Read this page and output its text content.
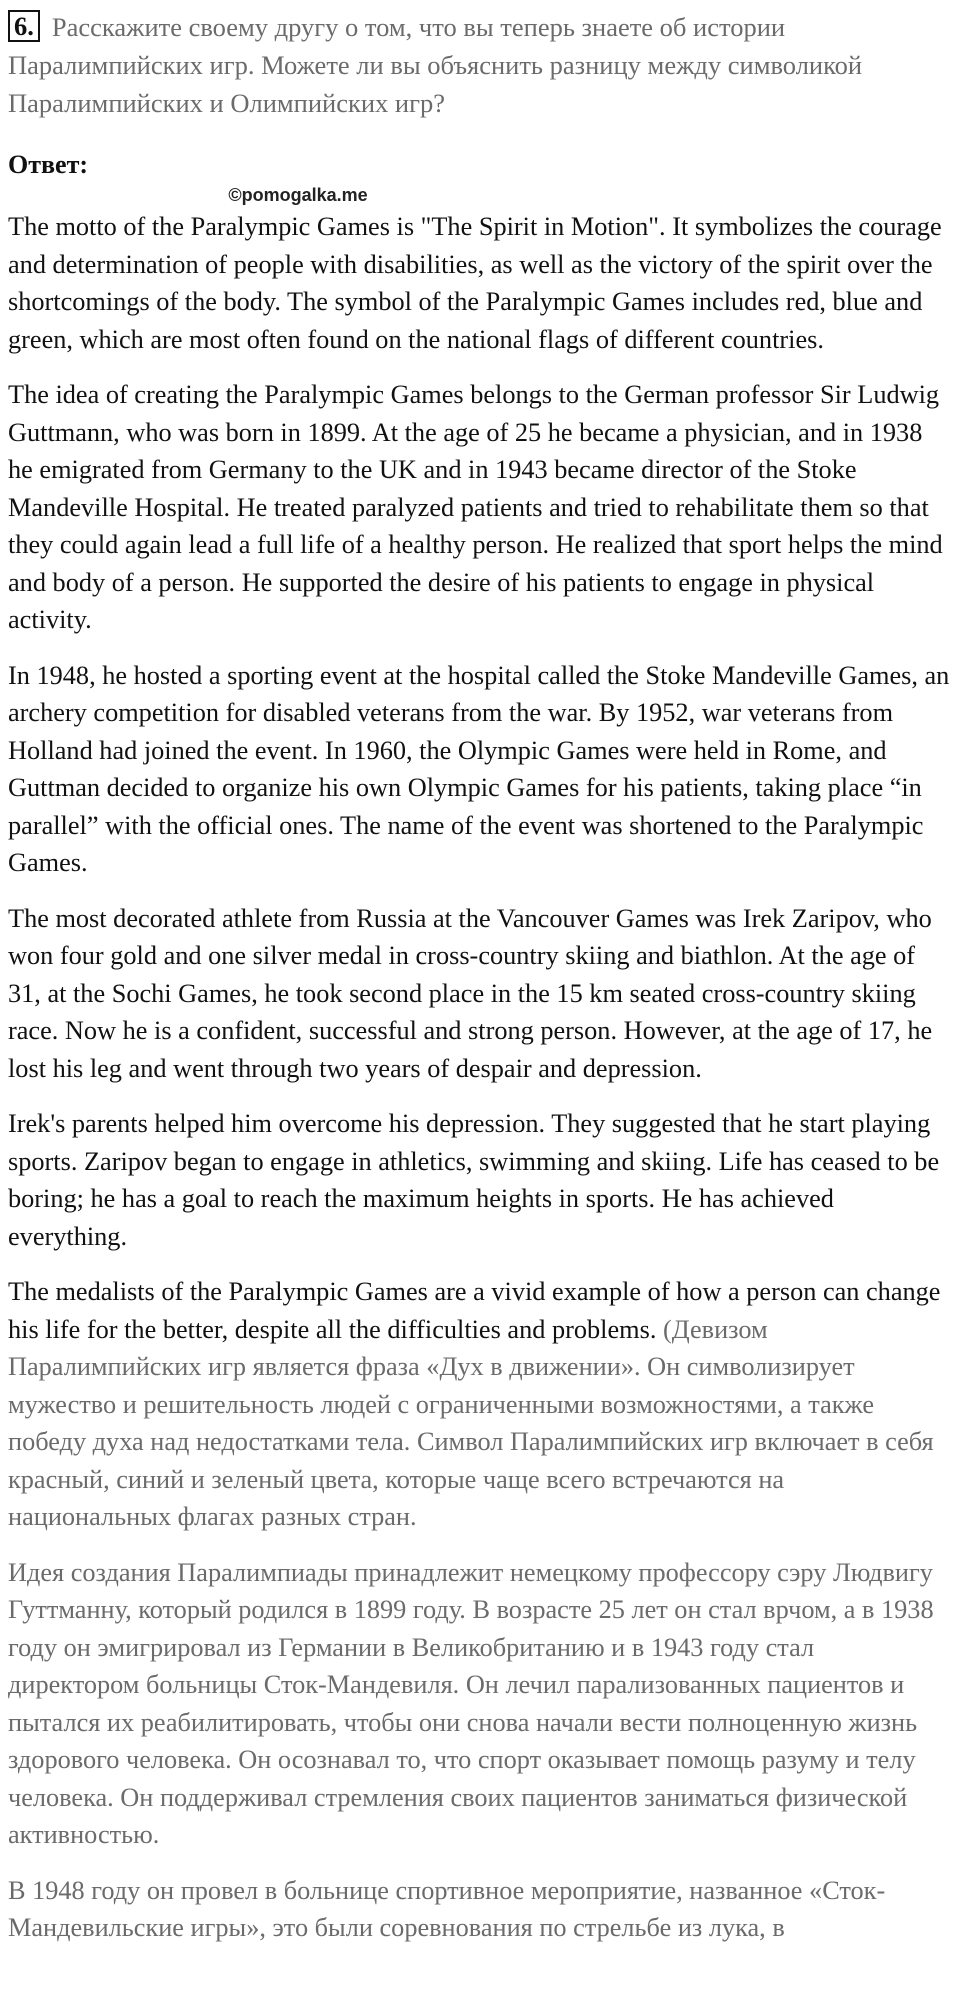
6. Расскажите своему другу о том, что вы теперь знаете об истории Паралимпийских игр. Можете ли вы объяснить разницу между символикой Паралимпийских и Олимпийских игр?

Ответ:
©pomogalka.me

The motto of the Paralympic Games is "The Spirit in Motion". It symbolizes the courage and determination of people with disabilities, as well as the victory of the spirit over the shortcomings of the body. The symbol of the Paralympic Games includes red, blue and green, which are most often found on the national flags of different countries.

The idea of creating the Paralympic Games belongs to the German professor Sir Ludwig Guttmann, who was born in 1899. At the age of 25 he became a physician, and in 1938 he emigrated from Germany to the UK and in 1943 became director of the Stoke Mandeville Hospital. He treated paralyzed patients and tried to rehabilitate them so that they could again lead a full life of a healthy person. He realized that sport helps the mind and body of a person. He supported the desire of his patients to engage in physical activity.

In 1948, he hosted a sporting event at the hospital called the Stoke Mandeville Games, an archery competition for disabled veterans from the war. By 1952, war veterans from Holland had joined the event. In 1960, the Olympic Games were held in Rome, and Guttman decided to organize his own Olympic Games for his patients, taking place “in parallel” with the official ones. The name of the event was shortened to the Paralympic Games.

The most decorated athlete from Russia at the Vancouver Games was Irek Zaripov, who won four gold and one silver medal in cross-country skiing and biathlon. At the age of 31, at the Sochi Games, he took second place in the 15 km seated cross-country skiing race. Now he is a confident, successful and strong person. However, at the age of 17, he lost his leg and went through two years of despair and depression.

Irek's parents helped him overcome his depression. They suggested that he start playing sports. Zaripov began to engage in athletics, swimming and skiing. Life has ceased to be boring; he has a goal to reach the maximum heights in sports. He has achieved everything.

The medalists of the Paralympic Games are a vivid example of how a person can change his life for the better, despite all the difficulties and problems. (Девизом Паралимпийских игр является фраза «Дух в движении». Он символизирует мужество и решительность людей с ограниченными возможностями, а также победу духа над недостатками тела. Символ Паралимпийских игр включает в себя красный, синий и зеленый цвета, которые чаще всего встречаются на национальных флагах разных стран.

Идея создания Паралимпиады принадлежит немецкому профессору сэру Людвигу Гуттманну, который родился в 1899 году. В возрасте 25 лет он стал врчом, а в 1938 году он эмигрировал из Германии в Великобританию и в 1943 году стал директором больницы Сток-Мандевиля. Он лечил парализованных пациентов и пытался их реабилитировать, чтобы они снова начали вести полноценную жизнь здорового человека. Он осознавал то, что спорт оказывает помощь разуму и телу человека. Он поддерживал стремления своих пациентов заниматься физической активностью.

В 1948 году он провел в больнице спортивное мероприятие, названное «Сток-Мандевильские игры», это были соревнования по стрельбе из лука, в
